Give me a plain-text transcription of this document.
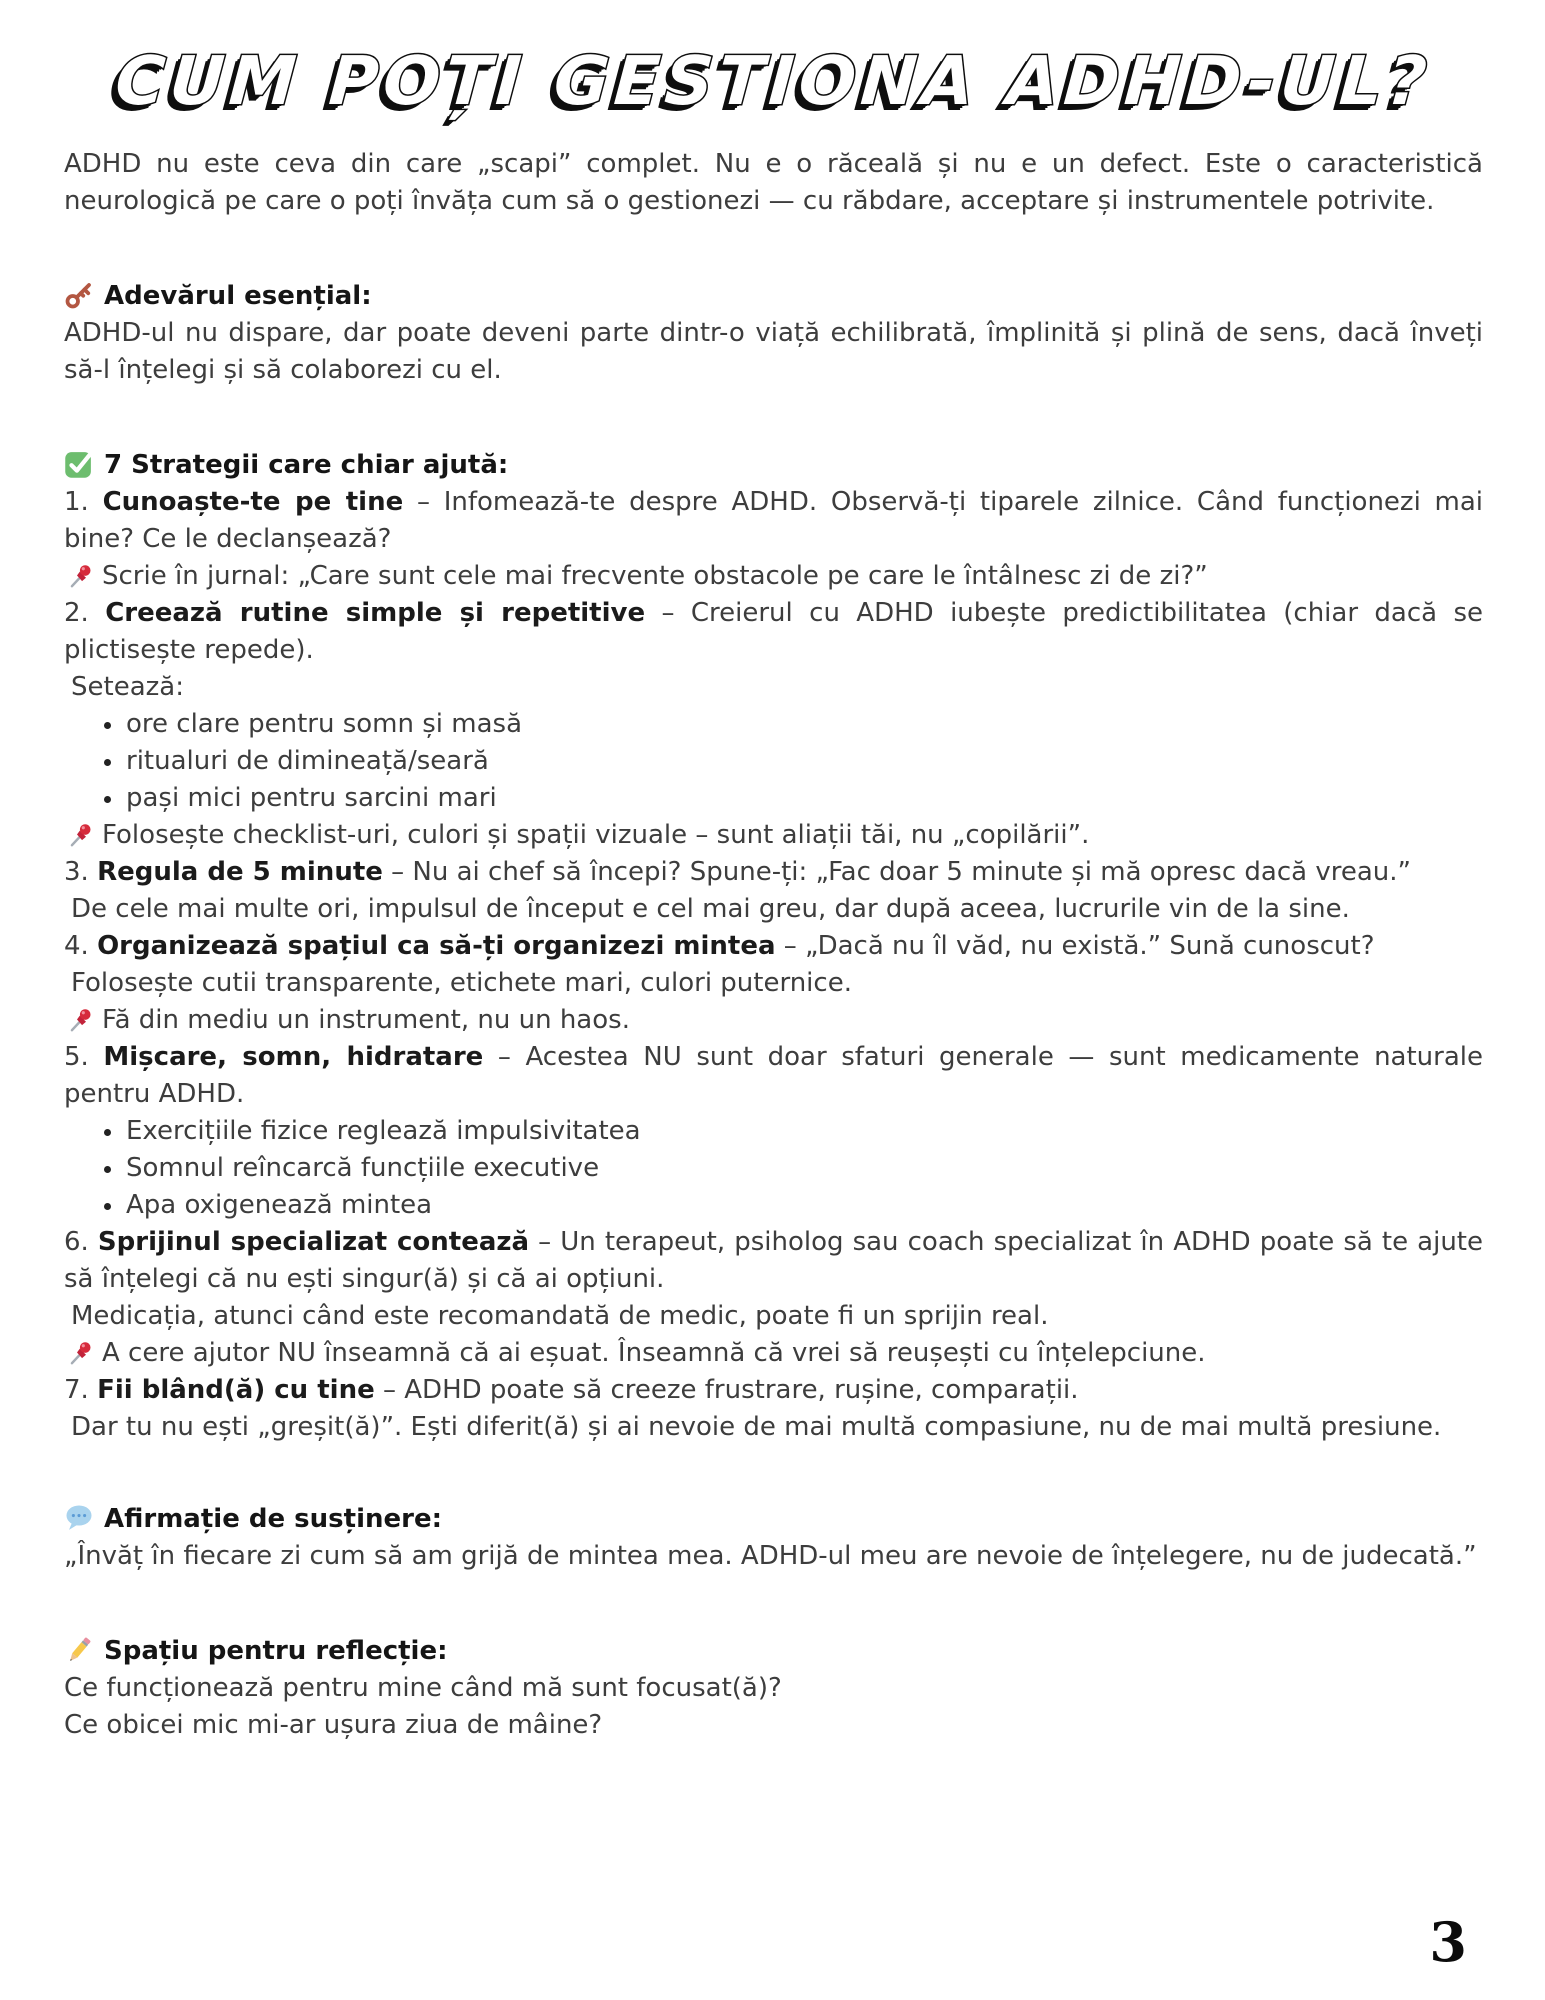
CUM POȚI GESTIONA ADHD-UL?

ADHD nu este ceva din care „scapi” complet. Nu e o răceală și nu e un defect. Este o caracteristică neurologică pe care o poți învăța cum să o gestionezi — cu răbdare, acceptare și instrumentele potrivite.

Adevărul esențial:

ADHD-ul nu dispare, dar poate deveni parte dintr-o viață echilibrată, împlinită și plină de sens, dacă înveți să-l înțelegi și să colaborezi cu el.

7 Strategii care chiar ajută:

1. Cunoaște-te pe tine – Infomează-te despre ADHD. Observă-ți tiparele zilnice. Când funcționezi mai bine? Ce le declanșează?

Scrie în jurnal: „Care sunt cele mai frecvente obstacole pe care le întâlnesc zi de zi?”

2. Creează rutine simple și repetitive – Creierul cu ADHD iubește predictibilitatea (chiar dacă se plictisește repede).

Setează:

ore clare pentru somn și masă
ritualuri de dimineață/seară
pași mici pentru sarcini mari

Folosește checklist-uri, culori și spații vizuale – sunt aliații tăi, nu „copilării”.

3. Regula de 5 minute – Nu ai chef să începi? Spune-ți: „Fac doar 5 minute și mă opresc dacă vreau.”

De cele mai multe ori, impulsul de început e cel mai greu, dar după aceea, lucrurile vin de la sine.

4. Organizează spațiul ca să-ți organizezi mintea – „Dacă nu îl văd, nu există.” Sună cunoscut?

Folosește cutii transparente, etichete mari, culori puternice.

Fă din mediu un instrument, nu un haos.

5. Mișcare, somn, hidratare – Acestea NU sunt doar sfaturi generale — sunt medicamente naturale pentru ADHD.

Exercițiile fizice reglează impulsivitatea
Somnul reîncarcă funcțiile executive
Apa oxigenează mintea

6. Sprijinul specializat contează – Un terapeut, psiholog sau coach specializat în ADHD poate să te ajute să înțelegi că nu ești singur(ă) și că ai opțiuni.

Medicația, atunci când este recomandată de medic, poate fi un sprijin real.

A cere ajutor NU înseamnă că ai eșuat. Înseamnă că vrei să reușești cu înțelepciune.

7. Fii blând(ă) cu tine – ADHD poate să creeze frustrare, rușine, comparații.

Dar tu nu ești „greșit(ă)”. Ești diferit(ă) și ai nevoie de mai multă compasiune, nu de mai multă presiune.

Afirmație de susținere:

„Învăț în fiecare zi cum să am grijă de mintea mea. ADHD-ul meu are nevoie de înțelegere, nu de judecată.”

Spațiu pentru reflecție:

Ce funcționează pentru mine când mă sunt focusat(ă)?

Ce obicei mic mi-ar ușura ziua de mâine?

3
